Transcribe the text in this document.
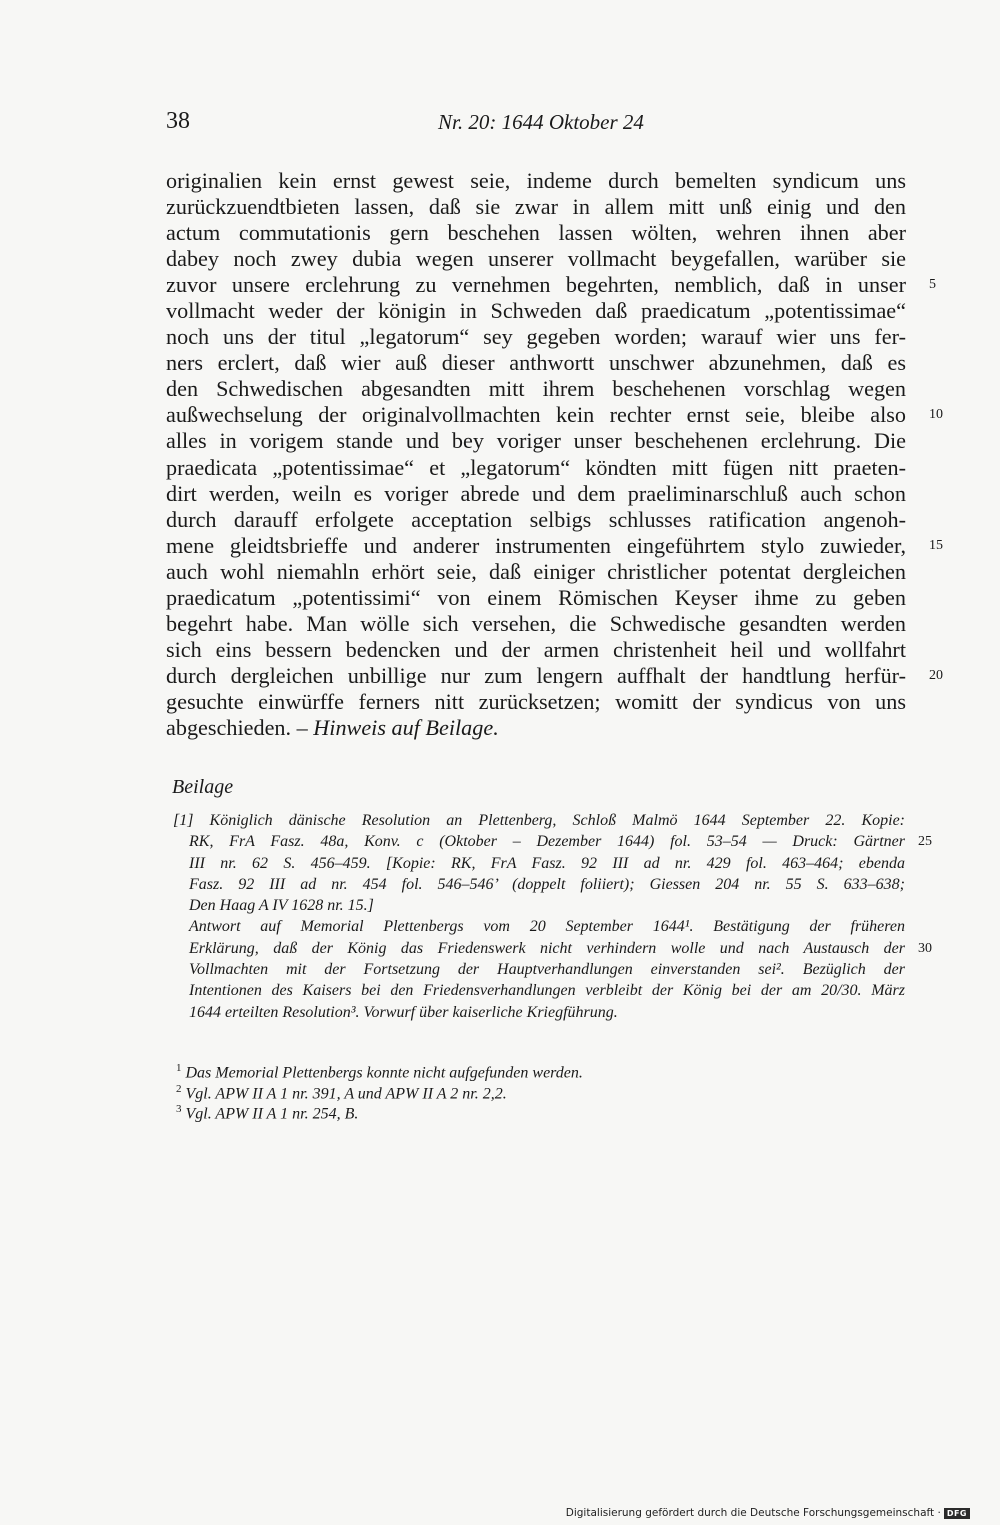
38	Nr. 20: 1644 Oktober 24
originalien kein ernst gewest seie, indeme durch bemelten syndicum uns
zurückzuendtbieten lassen, daß sie zwar in allem mitt unß einig und den
actum commutationis gern beschehen lassen wölten, wehren ihnen aber
dabey noch zwey dubia wegen unserer vollmacht beygefallen, warüber sie
zuvor unsere erclehrung zu vernehmen begehrten, nemblich, daß in unser 5
vollmacht weder der königin in Schweden daß praedicatum „potentissimae“
noch uns der titul „legatorum“ sey gegeben worden; warauf wier uns fer-
ners erclert, daß wier auß dieser anthwortt unschwer abzunehmen, daß es
den Schwedischen abgesandten mitt ihrem beschehenen vorschlag wegen
außwechselung der originalvollmachten kein rechter ernst seie, bleibe also 10
alles in vorigem stande und bey voriger unser beschehenen erclehrung. Die
praedicata „potentissimae“ et „legatorum“ köndten mitt fügen nitt praeten-
dirt werden, weiln es voriger abrede und dem praeliminarschluß auch schon
durch darauff erfolgete acceptation selbigs schlusses ratification angenoh-
mene gleidtsbrieffe und anderer instrumenten eingeführtem stylo zuwieder, 15
auch wohl niemahln erhört seie, daß einiger christlicher potentat dergleichen
praedicatum „potentissimi“ von einem Römischen Keyser ihme zu geben
begehrt habe. Man wölle sich versehen, die Schwedische gesandten werden
sich eins bessern bedencken und der armen christenheit heil und wollfahrt
durch dergleichen unbillige nur zum lengern auffhalt der handtlung herfür- 20
gesuchte einwürffe ferners nitt zurücksetzen; womitt der syndicus von uns
abgeschieden. – Hinweis auf Beilage.
Beilage
[1] Königlich dänische Resolution an Plettenberg, Schloß Malmö 1644 September 22. Kopie:
RK, FrA Fasz. 48a, Konv. c (Oktober – Dezember 1644) fol. 53–54 — Druck: Gärtner 25
III nr. 62 S. 456–459. [Kopie: RK, FrA Fasz. 92 III ad nr. 429 fol. 463–464; ebenda
Fasz. 92 III ad nr. 454 fol. 546–546’ (doppelt foliiert); Giessen 204 nr. 55 S. 633–638;
Den Haag A IV 1628 nr. 15.]
Antwort auf Memorial Plettenbergs vom 20 September 1644¹. Bestätigung der früheren
Erklärung, daß der König das Friedenswerk nicht verhindern wolle und nach Austausch der 30
Vollmachten mit der Fortsetzung der Hauptverhandlungen einverstanden sei². Bezüglich der
Intentionen des Kaisers bei den Friedensverhandlungen verbleibt der König bei der am 20/30. März
1644 erteilten Resolution³. Vorwurf über kaiserliche Kriegführung.
$^1$ Das Memorial Plettenbergs konnte nicht aufgefunden werden.
$^2$ Vgl. APW II A 1 nr. 391, A und APW II A 2 nr. 2,2.
$^3$ Vgl. APW II A 1 nr. 254, B.
Digitalisierung gefördert durch die Deutsche Forschungsgemeinschaft · DFG
